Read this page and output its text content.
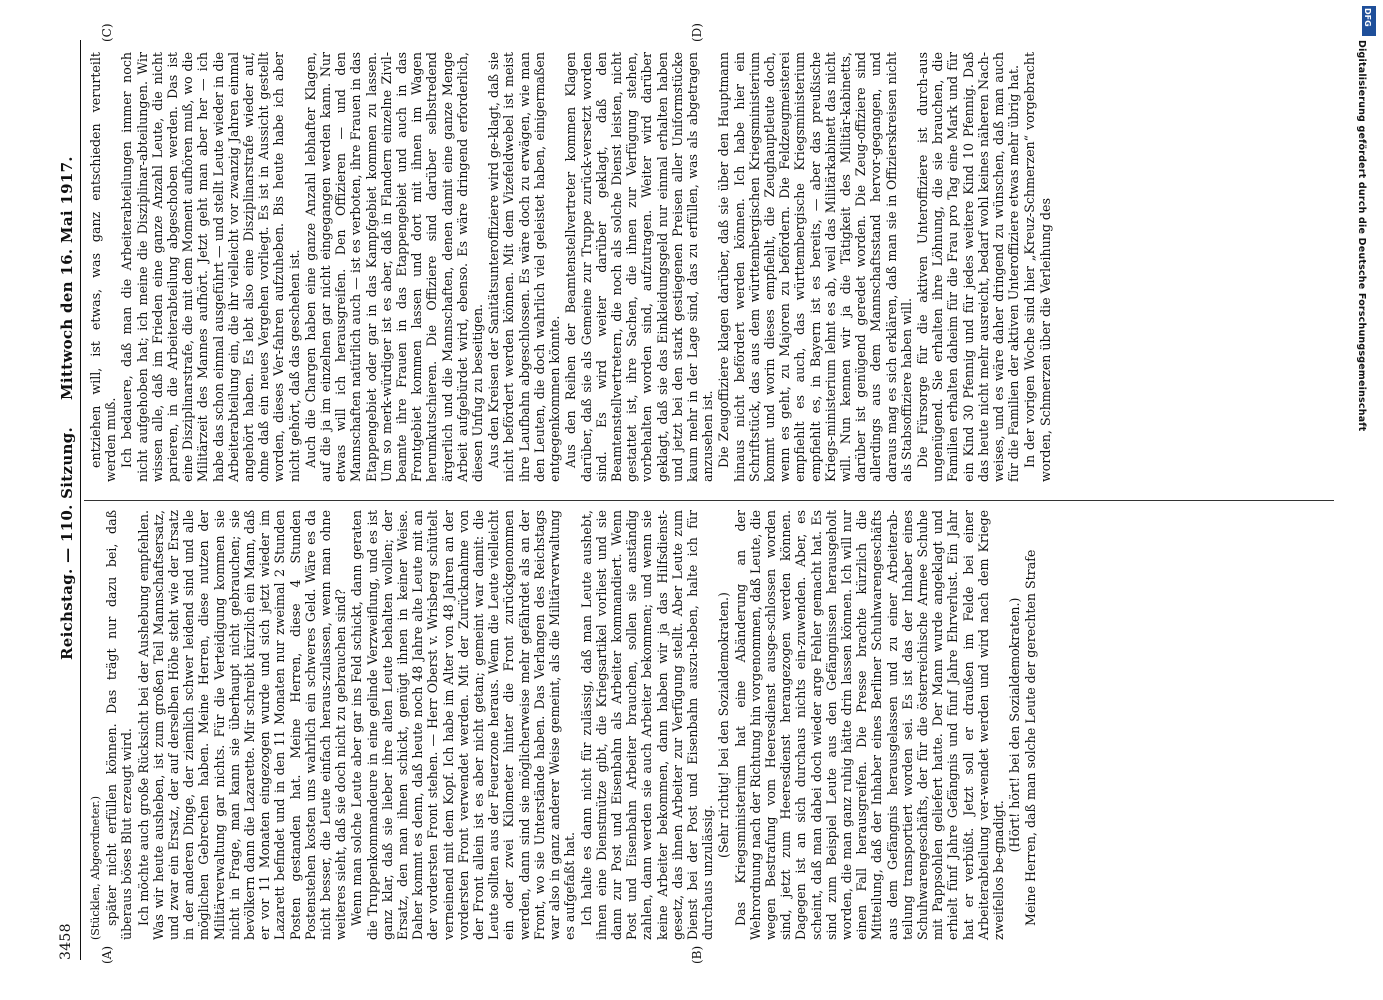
3458
Reichstag. — 110. Sitzung.
Mittwoch den 16. Mai 1917.
(A)	(B)
(C)	(D)

(Stücklen, Abgeordneter.) später nicht erfüllen können. Das trägt nur dazu bei, daß überaus böses Blut erzeugt wird. Ich möchte auch große Rücksicht bei der Aushebung empfehlen. Was wir heute ausheben, ist zum großen Teil Mannschaftsersatz, und zwar ein Ersatz, der auf derselben Höhe steht wie der Ersatz in der anderen Dinge, der ziemlich schwer leidend sind und alle möglichen Gebrechen haben. Meine Herren, diese nutzen der Militärverwaltung gar nichts. Für die Verteidigung kommen sie nicht in Frage, man kann sie überhaupt nicht gebrauchen; sie bevölkern dann die Lazarette. Mir schreibt kürzlich ein Mann, daß er vor 11 Monaten eingezogen wurde und sich jetzt wieder im Lazarett befindet und in den 11 Monaten nur zweimal 2 Stunden Posten gestanden hat. Meine Herren, diese 4 Stunden Postenstehen kosten uns wahrlich ein schweres Geld. Wäre es da nicht besser, die Leute einfach heraus-zulassen, wenn man ohne weiteres sieht, daß sie doch nicht zu gebrauchen sind? Wenn man solche Leute aber gar ins Feld schickt, dann geraten die Truppenkommandeure in eine gelinde Verzweiflung, und es ist ganz klar, daß sie lieber ihre alten Leute behalten wollen; der Ersatz, den man ihnen schickt, genügt ihnen in keiner Weise. Daher kommt es denn, daß heute noch 48 Jahre alte Leute mit an der vordersten Front stehen. — Herr Oberst v. Wrisberg schüttelt verneinend mit dem Kopf. Ich habe im Alter von 48 Jahren an der vordersten Front verwendet werden. Mit der Zurücknahme von der Front allein ist es aber nicht getan; gemeint war damit: die Leute sollten aus der Feuerzone heraus. Wenn die Leute vielleicht ein oder zwei Kilometer hinter die Front zurückgenommen werden, dann sind sie möglicherweise mehr gefährdet als an der Front, wo sie Unterstände haben. Das Verlangen des Reichstags war also in ganz anderer Weise gemeint, als die Militärverwaltung es aufgefaßt hat. Ich halte es dann nicht für zulässig, daß man Leute aushebt, ihnen eine Dienstmütze gibt, die Kriegsartikel vorliest und sie dann zur Post und Eisenbahn als Arbeiter kommandiert. Wenn Post und Eisenbahn Arbeiter brauchen, sollen sie anständig zahlen, dann werden sie auch Arbeiter bekommen; und wenn sie keine Arbeiter bekommen, dann haben wir ja das Hilfsdienst-gesetz, das ihnen Arbeiter zur Verfügung stellt. Aber Leute zum Dienst bei der Post und Eisenbahn auszu-heben, halte ich für durchaus unzulässig.

(Sehr richtig! bei den Sozialdemokraten.) Das Kriegsministerium hat eine Abänderung an der Wehrordnung nach der Richtung hin vorgenommen, daß Leute, die wegen Bestrafung vom Heeresdienst ausge-schlossen worden sind, jetzt zum Heeresdienst herangezogen werden können. Dagegen ist an sich durchaus nichts ein-zuwenden. Aber, es scheint, daß man dabei doch wieder arge Fehler gemacht hat. Es sind zum Beispiel Leute aus den Gefängnissen herausgeholt worden, die man ganz ruhig hätte drin lassen können. Ich will nur einen Fall herausgreifen. Die Presse brachte kürzlich die Mitteilung, daß der Inhaber eines Berliner Schuhwarengeschäfts aus dem Gefängnis herausgelassen und zu einer Arbeiterab-teilung transportiert worden sei. Es ist das der Inhaber eines Schuhwarengeschäfts, der für die österreichische Armee Schuhe mit Pappsohlen geliefert hatte. Der Mann wurde angeklagt und erhielt fünf Jahre Gefängnis und fünf Jahre Ehrverlust. Ein Jahr hat er verbüßt. Jetzt soll er draußen im Felde bei einer Arbeiterabteilung ver-wendet werden und wird nach dem Kriege zweifellos be-gnadigt.

(Hört! hört! bei den Sozialdemokraten.) Meine Herren, daß man solche Leute der gerechten Strafe

entziehen will, ist etwas, was ganz entschieden verurteilt werden muß. Ich bedauere, daß man die Arbeiterabteilungen immer noch nicht aufgehoben hat; ich meine die Disziplinar-abteilungen. Wir wissen alle, daß im Frieden eine ganze Anzahl Leute, die nicht parieren, in die Arbeiterabteilung abgeschoben werden. Das ist eine Disziplinarstrafe, die mit dem Moment aufhören muß, wo die Militärzeit des Mannes aufhört. Jetzt geht man aber her — ich habe das schon einmal ausgeführt — und stellt Leute wieder in die Arbeiterabteilung ein, die ihr vielleicht vor zwanzig Jahren einmal angehört haben. Es lebt also eine Disziplinarstrafe wieder auf, ohne daß ein neues Vergehen vorliegt. Es ist in Aussicht gestellt worden, dieses Ver-fahren aufzuheben. Bis heute habe ich aber nicht gehört, daß das geschehen ist. Auch die Chargen haben eine ganze Anzahl lebhafter Klagen, auf die ja im einzelnen gar nicht eingegangen werden kann. Nur etwas will ich herausgreifen. Den Offizieren — und den Mannschaften natürlich auch — ist es verboten, ihre Frauen in das Etappengebiet oder gar in das Kampfgebiet kommen zu lassen. Um so merk-würdiger ist es aber, daß in Flandern einzelne Zivil-beamte ihre Frauen in das Etappengebiet und auch in das Frontgebiet kommen lassen und dort mit ihnen im Wagen herumkutschieren. Die Offiziere sind darüber selbstredend ärgerlich und die Mannschaften, denen damit eine ganze Menge Arbeit aufgebürdet wird, ebenso. Es wäre dringend erforderlich, diesen Unfug zu beseitigen. Aus den Kreisen der Sanitätsunteroffiziere wird ge-klagt, daß sie nicht befördert werden können. Mit dem Vizefeldwebel ist meist ihre Laufbahn abgeschlossen. Es wäre doch zu erwägen, wie man den Leuten, die doch wahrlich viel geleistet haben, einigermaßen entgegenkommen könnte. Aus den Reihen der Beamtenstellvertreter kommen Klagen darüber, daß sie als Gemeine zur Truppe zurück-versetzt worden sind. Es wird weiter darüber geklagt, daß den Beamtenstellvertretern, die noch als solche Dienst leisten, nicht gestattet ist, ihre Sachen, die ihnen zur Verfügung stehen, vorbehalten worden sind, aufzutragen. Weiter wird darüber geklagt, daß sie das Einkleidungsgeld nur einmal erhalten haben und jetzt bei den stark gestiegenen Preisen aller Uniformstücke kaum mehr in der Lage sind, das zu erfüllen, was als abgetragen anzusehen ist. Die Zeugoffiziere klagen darüber, daß sie über den Hauptmann hinaus nicht befördert werden können. Ich habe hier ein Schriftstück, das aus dem württembergischen Kriegsministerium kommt und worin dieses empfiehlt, die Zeughauptleute doch, wenn es geht, zu Majoren zu befördern. Die Feldzeugmeisterei empfiehlt es auch, das württembergische Kriegsministerium empfiehlt es, in Bayern ist es bereits, — aber das preußische Kriegs-ministerium lehnt es ab, weil das Militärkabinett das nicht will. Nun kennen wir ja die Tätigkeit des Militär-kabinetts, darüber ist genügend geredet worden. Die Zeug-offiziere sind allerdings aus dem Mannschaftsstand hervor-gegangen, und daraus mag es sich erklären, daß man sie in Offizierskreisen nicht als Stabsoffiziere haben will. Die Fürsorge für die aktiven Unteroffiziere ist durch-aus ungenügend. Sie erhalten ihre Löhnung, die sie brauchen, die Familien erhalten daheim für die Frau pro Tag eine Mark und für ein Kind 30 Pfennig und für jedes weitere Kind 10 Pfennig. Daß das heute nicht mehr ausreicht, bedarf wohl keines näheren Nach-weises, und es wäre daher dringend zu wünschen, daß man auch für die Familien der aktiven Unteroffiziere etwas mehr übrig hat. In der vorigen Woche sind hier „Kreuz-Schmerzen“ vorgebracht worden, Schmerzen über die Verleihung des

DFG
Digitalisierung gefördert durch die Deutsche Forschungsgemeinschaft
